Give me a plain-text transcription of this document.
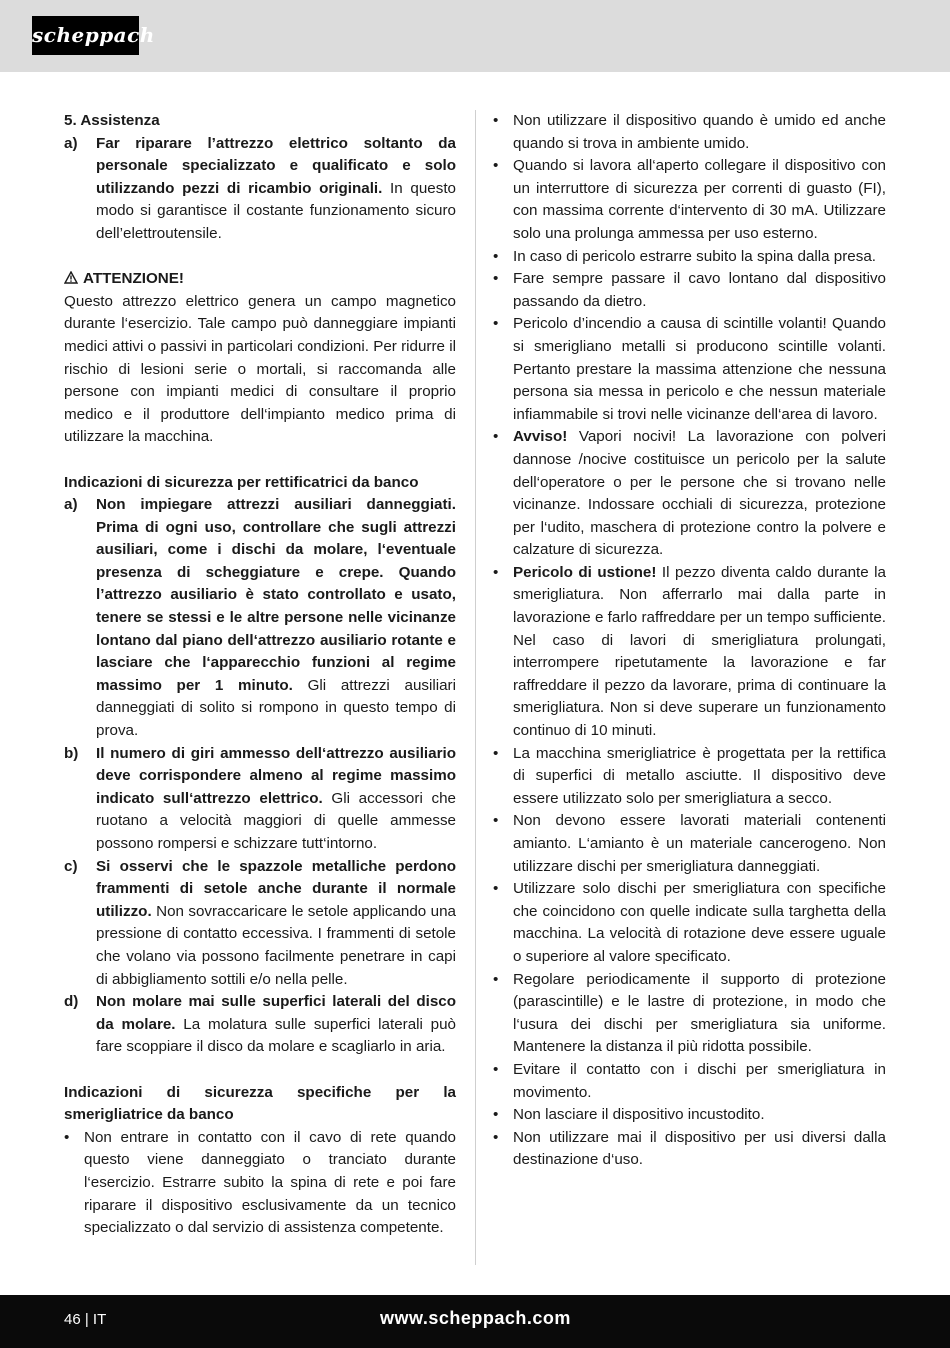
scheppach

5. Assistenza

a)	Far riparare l’attrezzo elettrico soltanto da personale specializzato e qualificato e solo utilizzando pezzi di ricambio originali. In questo modo si garantisce il costante funzionamento sicuro dell’elettroutensile.

ATTENZIONE!

Questo attrezzo elettrico genera un campo magnetico durante l‘esercizio. Tale campo può danneggiare impianti medici attivi o passivi in particolari condizioni. Per ridurre il rischio di lesioni serie o mortali, si raccomanda alle persone con impianti medici di consultare il proprio medico e il produttore dell‘impianto medico prima di utilizzare la macchina.

Indicazioni di sicurezza per rettificatrici da banco

a)	Non impiegare attrezzi ausiliari danneggiati. Prima di ogni uso, controllare che sugli attrezzi ausiliari, come i dischi da molare, l‘eventuale presenza di scheggiature e crepe. Quando l’attrezzo ausiliario è stato controllato e usato, tenere se stessi e le altre persone nelle vicinanze lontano dal piano dell‘attrezzo ausiliario rotante e lasciare che l‘apparecchio funzioni al regime massimo per 1 minuto. Gli attrezzi ausiliari danneggiati di solito si rompono in questo tempo di prova.
b)	Il numero di giri ammesso dell‘attrezzo ausiliario deve corrispondere almeno al regime massimo indicato sull‘attrezzo elettrico. Gli accessori che ruotano a velocità maggiori di quelle ammesse possono rompersi e schizzare tutt‘intorno.
c)	Si osservi che le spazzole metalliche perdono frammenti di setole anche durante il normale utilizzo. Non sovraccaricare le setole applicando una pressione di contatto eccessiva. I frammenti di setole che volano via possono facilmente penetrare in capi di abbigliamento sottili e/o nella pelle.
d)	Non molare mai sulle superfici laterali del disco da molare. La molatura sulle superfici laterali può fare scoppiare il disco da molare e scagliarlo in aria.

Indicazioni di sicurezza specifiche per la smerigliatrice da banco

• Non entrare in contatto con il cavo di rete quando questo viene danneggiato o tranciato durante l‘esercizio. Estrarre subito la spina di rete e poi fare riparare il dispositivo esclusivamente da un tecnico specializzato o dal servizio di assistenza competente.
• Non utilizzare il dispositivo quando è umido ed anche quando si trova in ambiente umido.
• Quando si lavora all‘aperto collegare il dispositivo con un interruttore di sicurezza per correnti di guasto (FI), con massima corrente d‘intervento di 30 mA. Utilizzare solo una prolunga ammessa per uso esterno.
• In caso di pericolo estrarre subito la spina dalla presa.
• Fare sempre passare il cavo lontano dal dispositivo passando da dietro.
• Pericolo d’incendio a causa di scintille volanti! Quando si smerigliano metalli si producono scintille volanti. Pertanto prestare la massima attenzione che nessuna persona sia messa in pericolo e che nessun materiale infiammabile si trovi nelle vicinanze dell‘area di lavoro.
• Avviso! Vapori nocivi! La lavorazione con polveri dannose /nocive costituisce un pericolo per la salute dell‘operatore o per le persone che si trovano nelle vicinanze. Indossare occhiali di sicurezza, protezione per l‘udito, maschera di protezione contro la polvere e calzature di sicurezza.
• Pericolo di ustione! Il pezzo diventa caldo durante la smerigliatura. Non afferrarlo mai dalla parte in lavorazione e farlo raffreddare per un tempo sufficiente. Nel caso di lavori di smerigliatura prolungati, interrompere ripetutamente la lavorazione e far raffreddare il pezzo da lavorare, prima di continuare la smerigliatura. Non si deve superare un funzionamento continuo di 10 minuti.
• La macchina smerigliatrice è progettata per la rettifica di superfici di metallo asciutte. Il dispositivo deve essere utilizzato solo per smerigliatura a secco.
• Non devono essere lavorati materiali contenenti amianto. L‘amianto è un materiale cancerogeno. Non utilizzare dischi per smerigliatura danneggiati.
• Utilizzare solo dischi per smerigliatura con specifiche che coincidono con quelle indicate sulla targhetta della macchina. La velocità di rotazione deve essere uguale o superiore al valore specificato.
• Regolare periodicamente il supporto di protezione (parascintille) e le lastre di protezione, in modo che l‘usura dei dischi per smerigliatura sia uniforme. Mantenere la distanza il più ridotta possibile.
• Evitare il contatto con i dischi per smerigliatura in movimento.
• Non lasciare il dispositivo incustodito.
• Non utilizzare mai il dispositivo per usi diversi dalla destinazione d‘uso.
46 | IT	www.scheppach.com
